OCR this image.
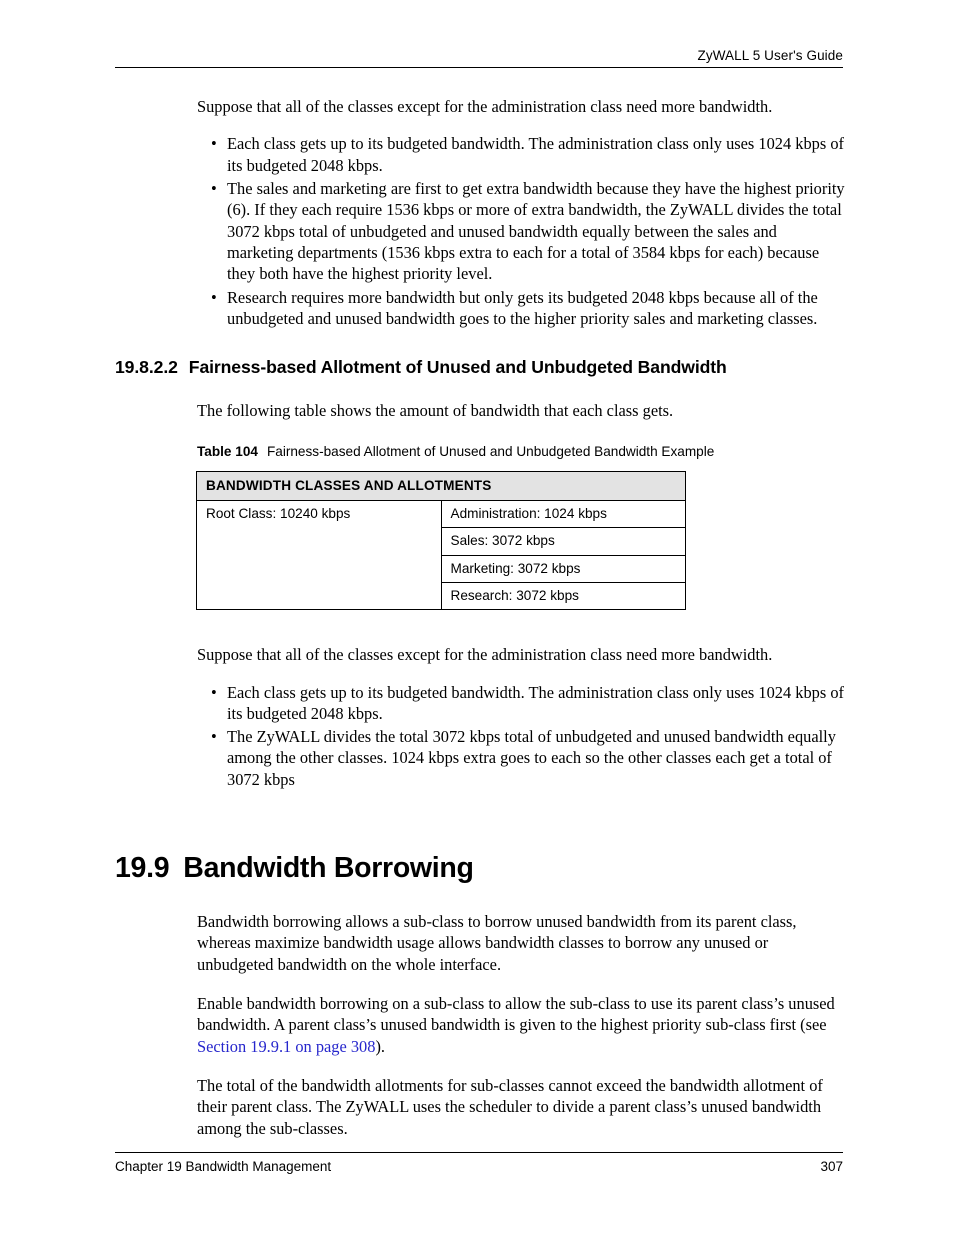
ZyWALL 5 User's Guide

Suppose that all of the classes except for the administration class need more bandwidth.

• Each class gets up to its budgeted bandwidth. The administration class only uses 1024 kbps of its budgeted 2048 kbps.
• The sales and marketing are first to get extra bandwidth because they have the highest priority (6). If they each require 1536 kbps or more of extra bandwidth, the ZyWALL divides the total 3072 kbps total of unbudgeted and unused bandwidth equally between the sales and marketing departments (1536 kbps extra to each for a total of 3584 kbps for each) because they both have the highest priority level.
• Research requires more bandwidth but only gets its budgeted 2048 kbps because all of the unbudgeted and unused bandwidth goes to the higher priority sales and marketing classes.
19.8.2.2 Fairness-based Allotment of Unused and Unbudgeted Bandwidth

The following table shows the amount of bandwidth that each class gets.

Table 104 Fairness-based Allotment of Unused and Unbudgeted Bandwidth Example
BANDWIDTH CLASSES AND ALLOTMENTS
Root Class: 10240 kbps	Administration: 1024 kbps
Sales: 3072 kbps
Marketing: 3072 kbps
Research: 3072 kbps

Suppose that all of the classes except for the administration class need more bandwidth.

• Each class gets up to its budgeted bandwidth. The administration class only uses 1024 kbps of its budgeted 2048 kbps.
• The ZyWALL divides the total 3072 kbps total of unbudgeted and unused bandwidth equally among the other classes. 1024 kbps extra goes to each so the other classes each get a total of 3072 kbps
19.9 Bandwidth Borrowing

Bandwidth borrowing allows a sub-class to borrow unused bandwidth from its parent class, whereas maximize bandwidth usage allows bandwidth classes to borrow any unused or unbudgeted bandwidth on the whole interface.

Enable bandwidth borrowing on a sub-class to allow the sub-class to use its parent class’s unused bandwidth. A parent class’s unused bandwidth is given to the highest priority sub-class first (see Section 19.9.1 on page 308).

The total of the bandwidth allotments for sub-classes cannot exceed the bandwidth allotment of their parent class. The ZyWALL uses the scheduler to divide a parent class’s unused bandwidth among the sub-classes.

Chapter 19 Bandwidth Management	307
